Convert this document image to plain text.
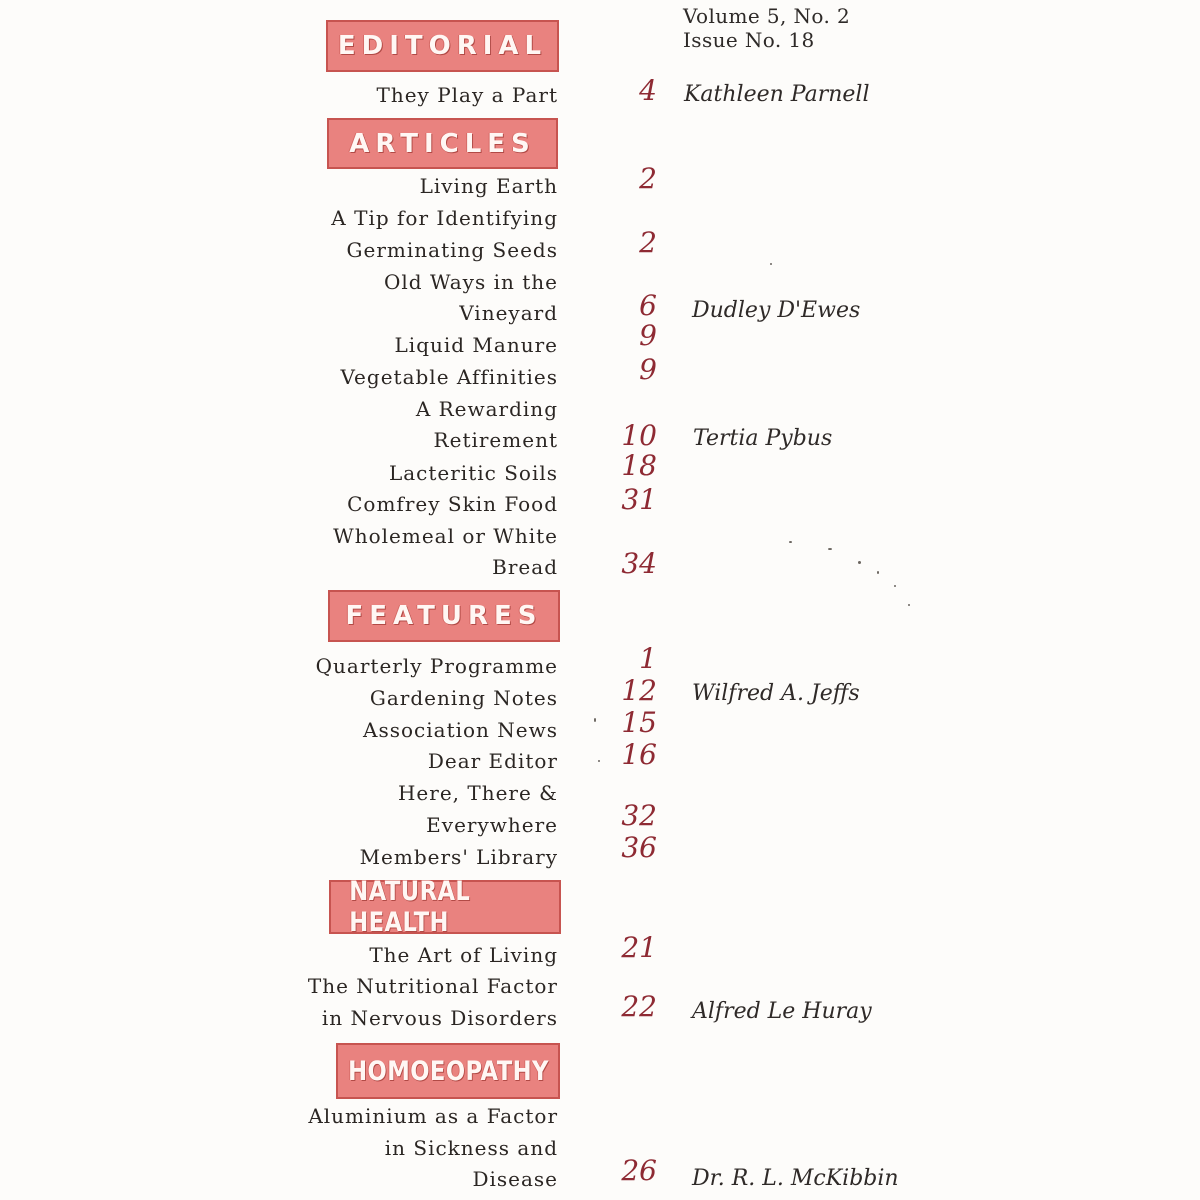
Volume 5, No. 2
Issue No. 18
EDITORIAL
ARTICLES
FEATURES
NATURAL HEALTH
HOMOEOPATHY
They Play a Part
Living Earth
A Tip for Identifying
Germinating Seeds
Old Ways in the
Vineyard
Liquid Manure
Vegetable Affinities
A Rewarding
Retirement
Lacteritic Soils
Comfrey Skin Food
Wholemeal or White
Bread
Quarterly Programme
Gardening Notes
Association News
Dear Editor
Here, There &
Everywhere
Members' Library
The Art of Living
The Nutritional Factor
in Nervous Disorders
Aluminium as a Factor
in Sickness and
Disease
4
2
2
6
9
9
10
18
31
34
1
12
15
16
32
36
21
22
26
Kathleen Parnell
Dudley D'Ewes
Tertia Pybus
Wilfred A. Jeffs
Alfred Le Huray
Dr. R. L. McKibbin
